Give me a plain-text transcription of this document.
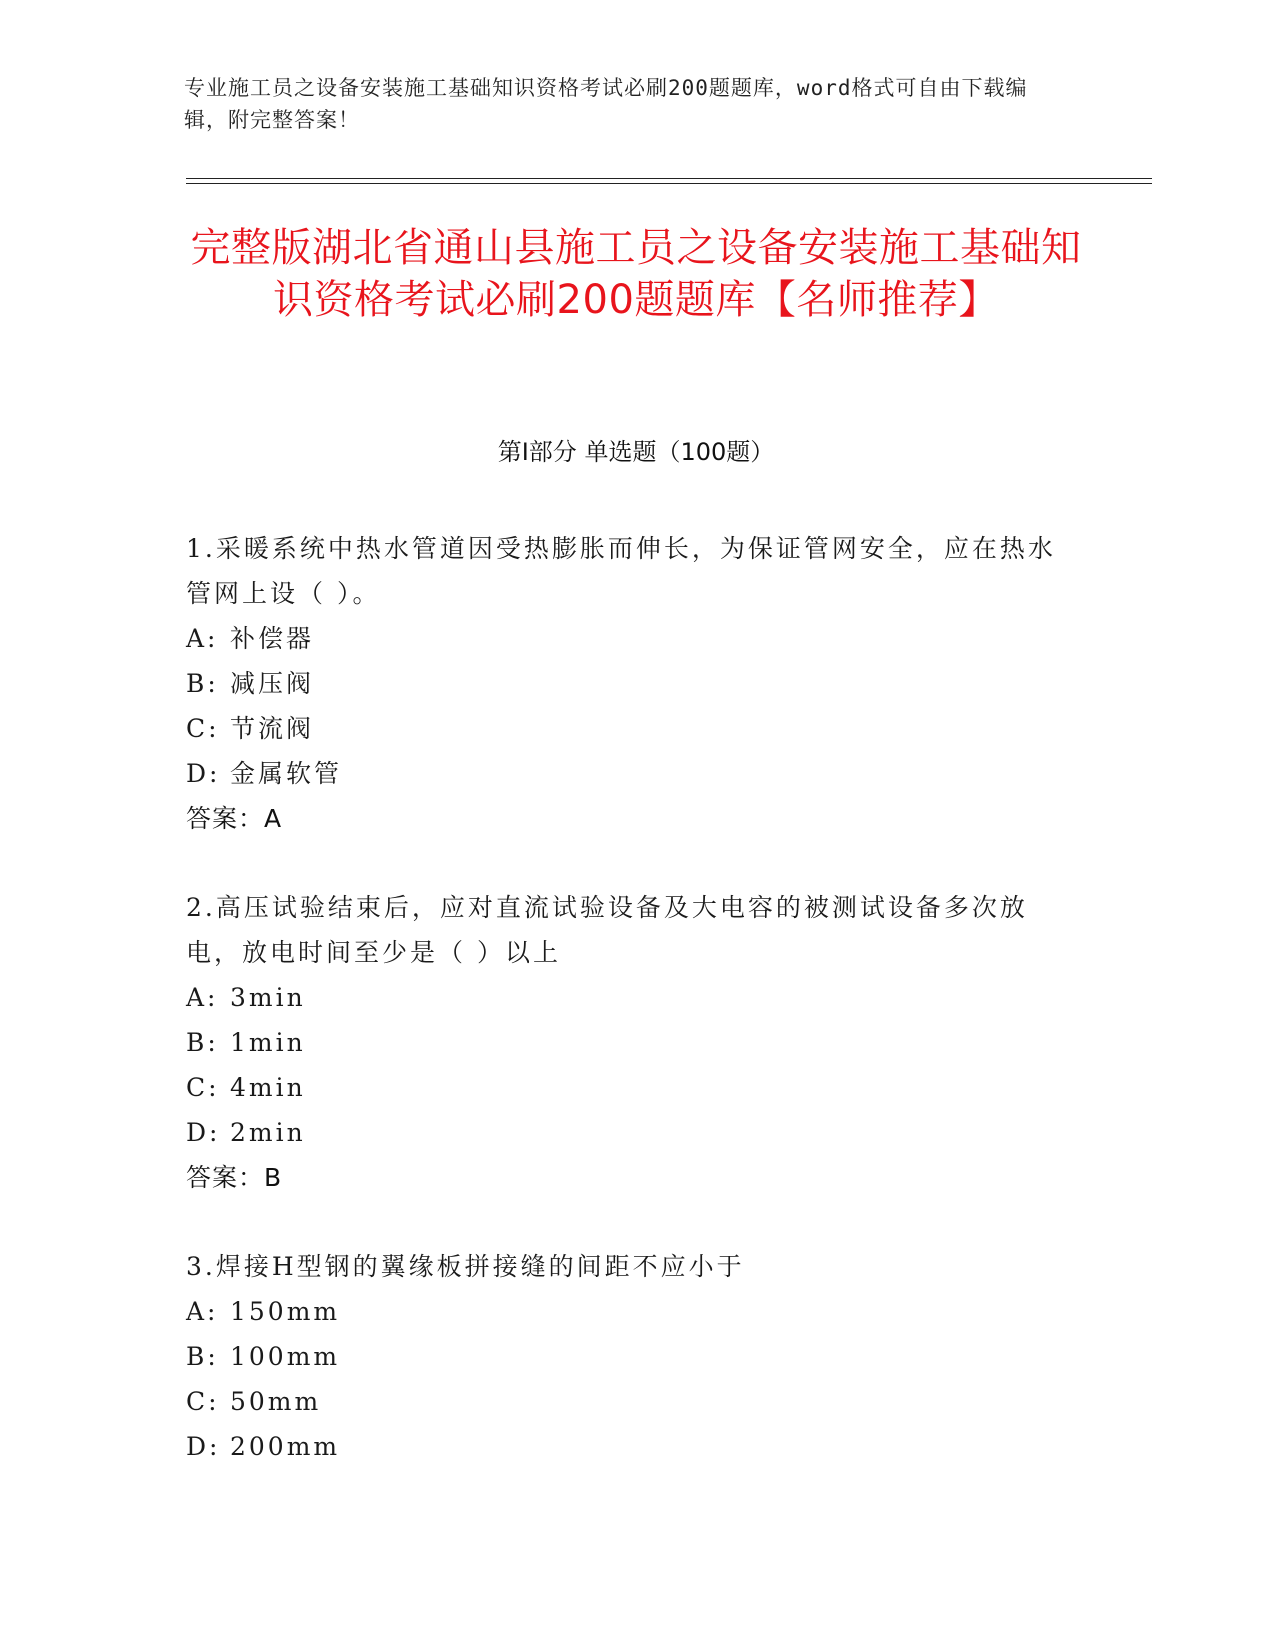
专业施工员之设备安装施工基础知识资格考试必刷200题题库，word格式可自由下载编辑，附完整答案！
完整版湖北省通山县施工员之设备安装施工基础知识资格考试必刷200题题库【名师推荐】
第Ⅰ部分 单选题（100题）

1.采暖系统中热水管道因受热膨胀而伸长，为保证管网安全，应在热水管网上设（ ）。

A: 补偿器

B: 减压阀

C: 节流阀

D: 金属软管

答案：A

2.高压试验结束后，应对直流试验设备及大电容的被测试设备多次放电，放电时间至少是（ ）以上

A: 3min

B: 1min

C: 4min

D: 2min

答案：B

3.焊接H型钢的翼缘板拼接缝的间距不应小于

A: 150mm

B: 100mm

C: 50mm

D: 200mm
